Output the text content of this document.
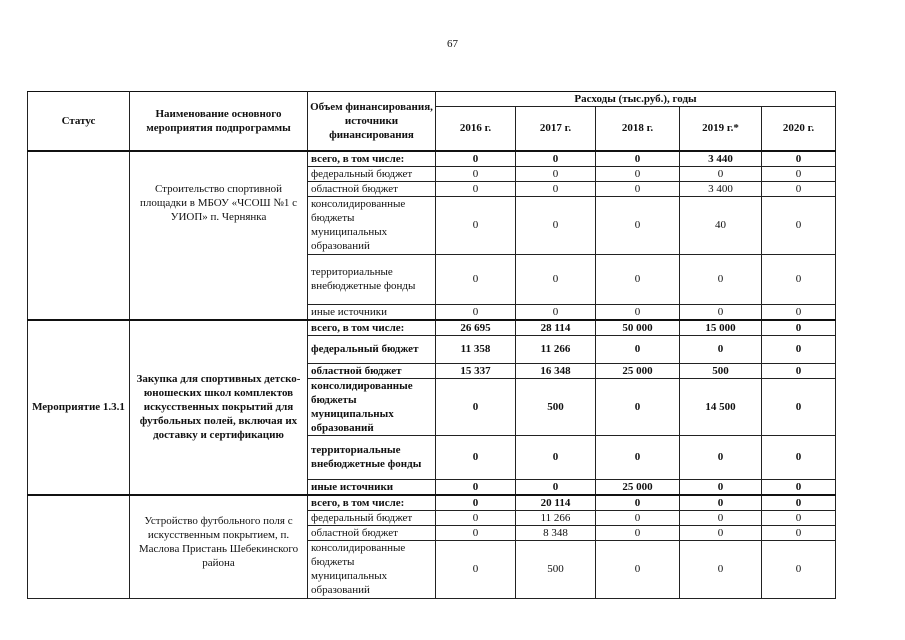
67
Статус	Наименование основного мероприятия подпрограммы	Объем финансирования, источники финансирования	Расходы (тыс.руб.), годы				
			2016 г.	2017 г.	2018 г.	2019 г.*	2020 г.
	Строительство спортивной площадки в МБОУ «ЧСОШ №1 с УИОП» п. Чернянка	всего, в том числе:	0	0	0	3 440	0
		федеральный бюджет	0	0	0	0	0
		областной бюджет	0	0	0	3 400	0
		консолидированные бюджеты муниципальных образований	0	0	0	40	0
		территориальные внебюджетные фонды	0	0	0	0	0
		иные источники	0	0	0	0	0
Мероприятие 1.3.1	Закупка для спортивных детско-юношеских школ комплектов искусственных покрытий для футбольных полей, включая их доставку и сертификацию	всего, в том числе:	26 695	28 114	50 000	15 000	0
		федеральный бюджет	11 358	11 266	0	0	0
		областной бюджет	15 337	16 348	25 000	500	0
		консолидированные бюджеты муниципальных образований	0	500	0	14 500	0
		территориальные внебюджетные фонды	0	0	0	0	0
		иные источники	0	0	25 000	0	0
	Устройство футбольного поля с искусственным покрытием, п. Маслова Пристань Шебекинского района	всего, в том числе:	0	20 114	0	0	0
		федеральный бюджет	0	11 266	0	0	0
		областной бюджет	0	8 348	0	0	0
		консолидированные бюджеты муниципальных образований	0	500	0	0	0
